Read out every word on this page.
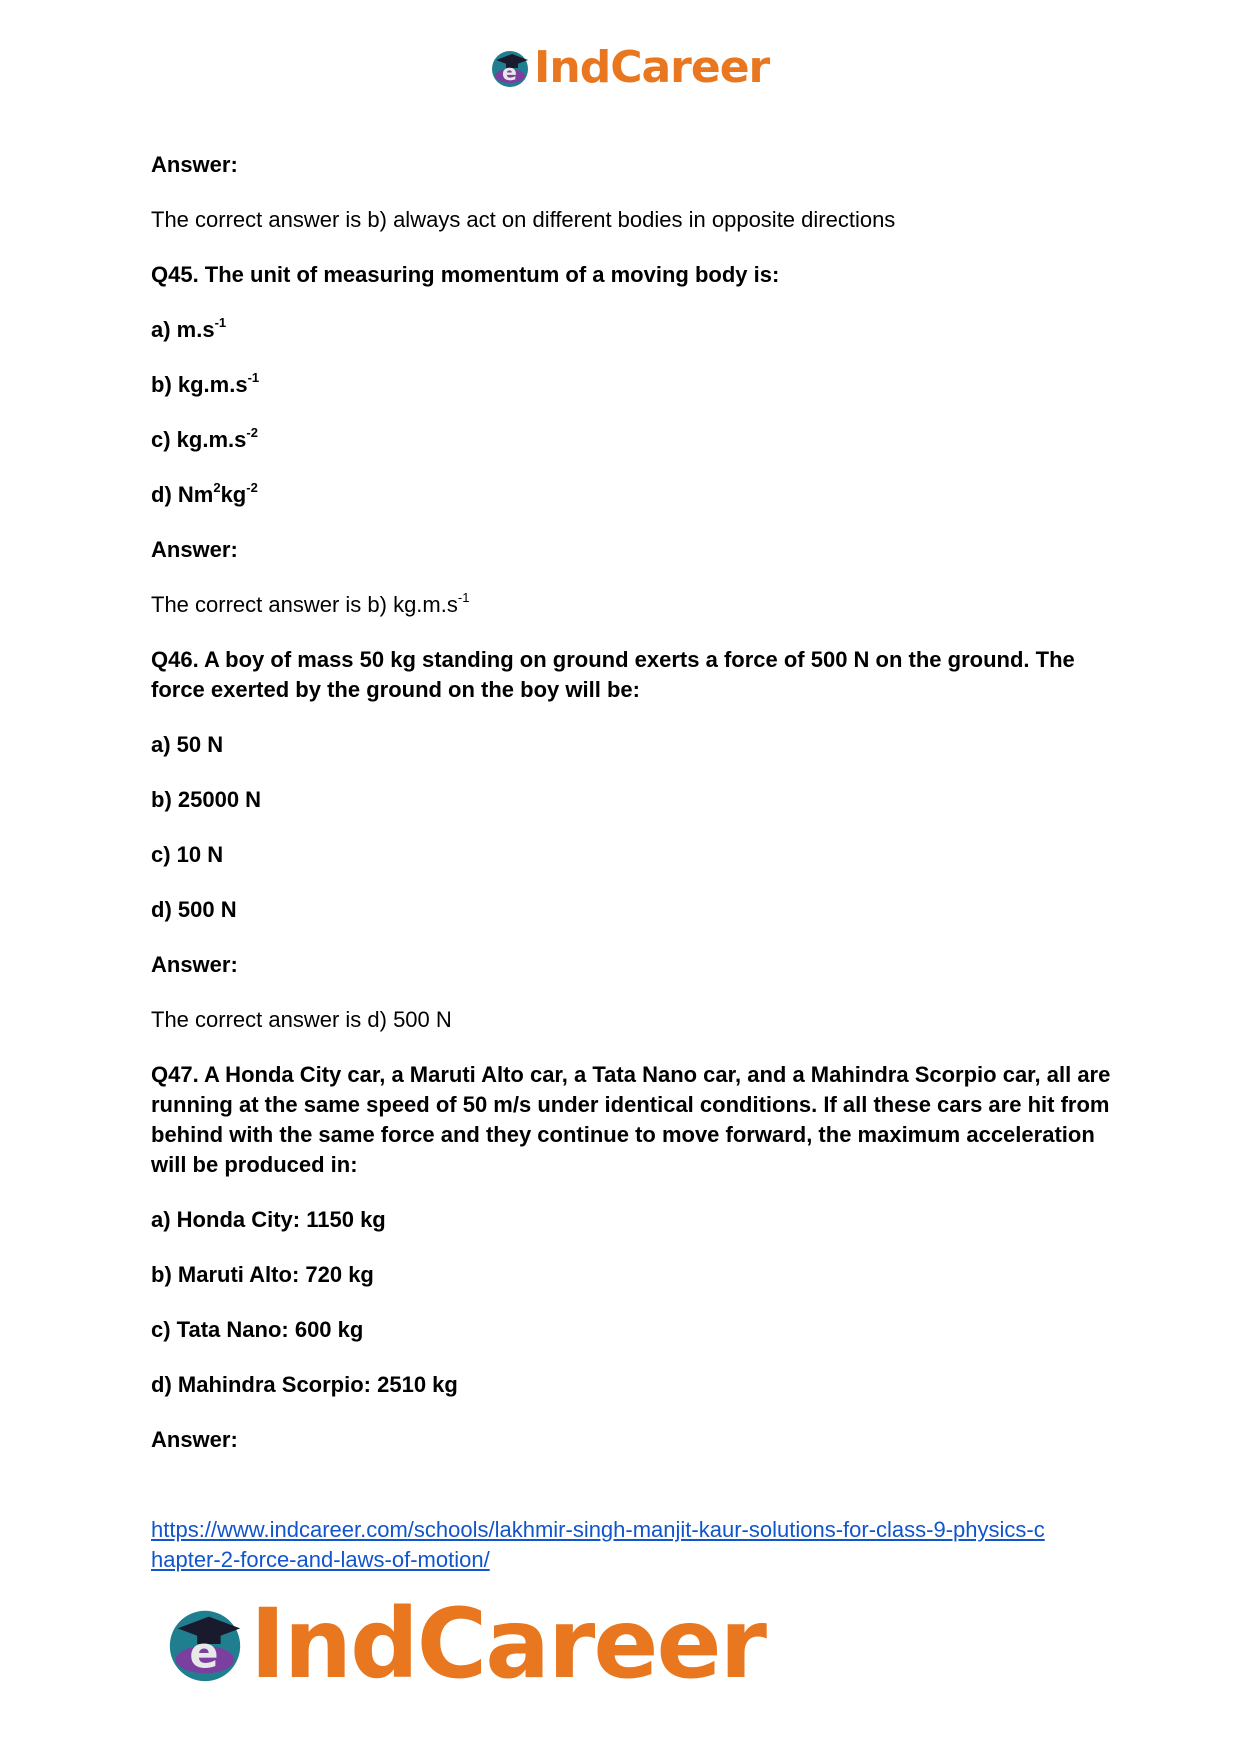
e IndCareer

Answer:

The correct answer is b) always act on different bodies in opposite directions

Q45. The unit of measuring momentum of a moving body is:

a) $m.s^{-1}$

b) $kg.m.s^{-1}$

c) $kg.m.s^{-2}$

d) $Nm^2kg^{-2}$

Answer:

The correct answer is b) $kg.m.s^{-1}$

Q46. A boy of mass 50 kg standing on ground exerts a force of 500 N on the ground. The force exerted by the ground on the boy will be:

a) 50 N

b) 25000 N

c) 10 N

d) 500 N

Answer:

The correct answer is d) 500 N

Q47. A Honda City car, a Maruti Alto car, a Tata Nano car, and a Mahindra Scorpio car, all are running at the same speed of 50 m/s under identical conditions. If all these cars are hit from behind with the same force and they continue to move forward, the maximum acceleration will be produced in:

a) Honda City: 1150 kg

b) Maruti Alto: 720 kg

c) Tata Nano: 600 kg

d) Mahindra Scorpio: 2510 kg

Answer:

https://www.indcareer.com/schools/lakhmir-singh-manjit-kaur-solutions-for-class-9-physics-c
hapter-2-force-and-laws-of-motion/
e IndCareer
